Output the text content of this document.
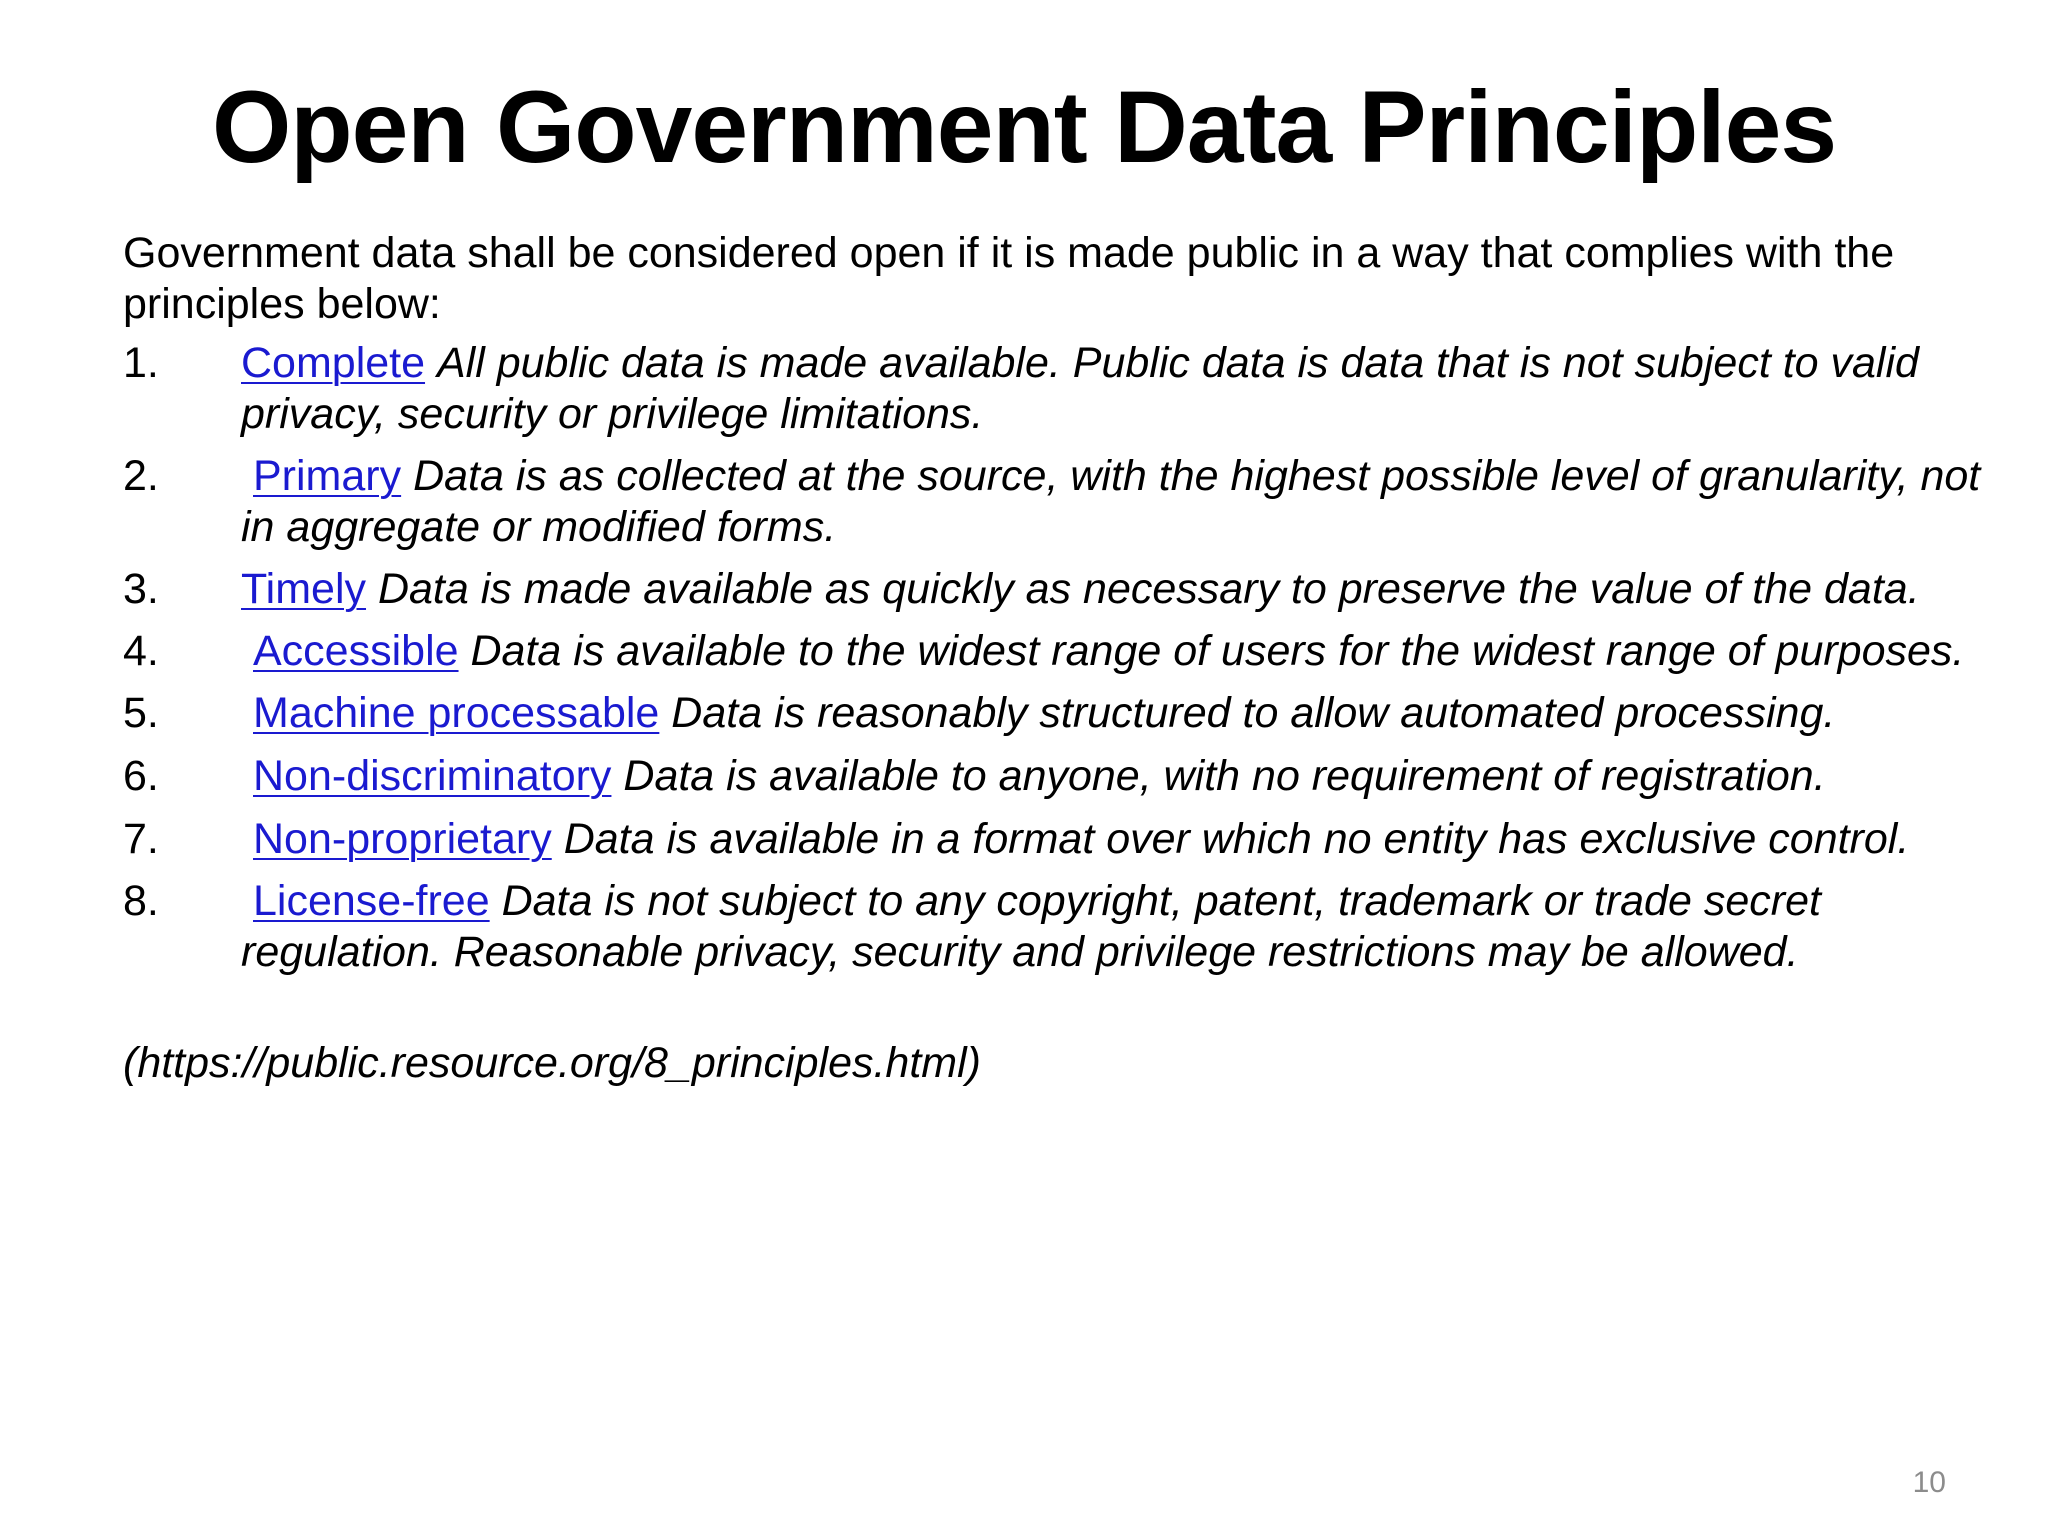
Open Government Data Principles

Government data shall be considered open if it is made public in a way that complies with the principles below:

1. Complete All public data is made available. Public data is data that is not subject to valid privacy, security or privilege limitations.
2. Primary Data is as collected at the source, with the highest possible level of granularity, not in aggregate or modified forms.
3. Timely Data is made available as quickly as necessary to preserve the value of the data.
4. Accessible Data is available to the widest range of users for the widest range of purposes.
5. Machine processable Data is reasonably structured to allow automated processing.
6. Non-discriminatory Data is available to anyone, with no requirement of registration.
7. Non-proprietary Data is available in a format over which no entity has exclusive control.
8. License-free Data is not subject to any copyright, patent, trademark or trade secret regulation. Reasonable privacy, security and privilege restrictions may be allowed.

(https://public.resource.org/8_principles.html)

10
